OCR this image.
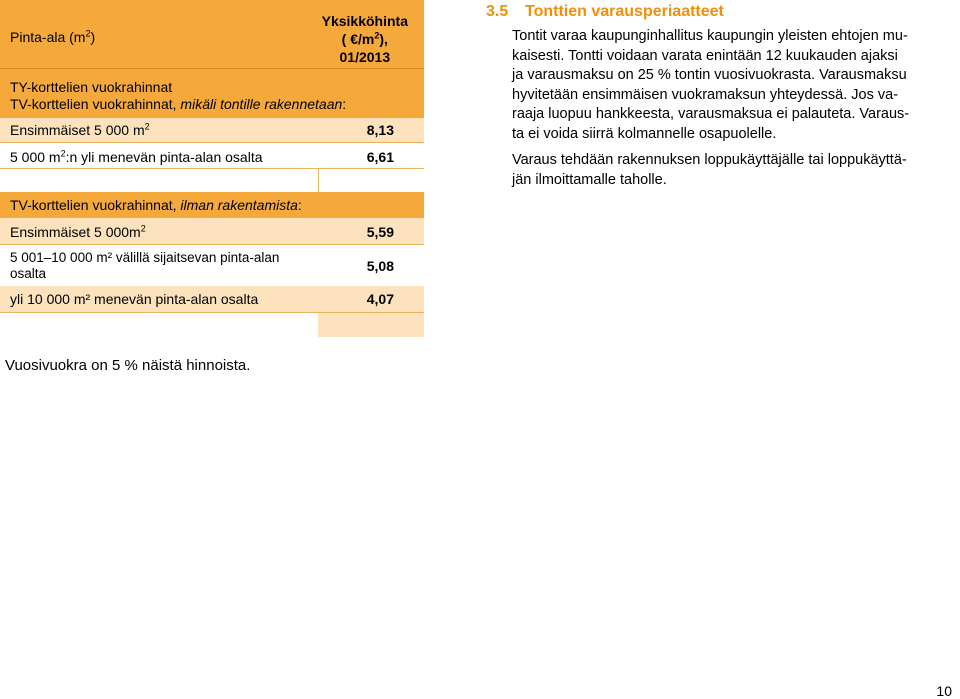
Pinta-ala $(m^2)$
Yksikköhinta
( $€/m^2$),
01/2013
TY-korttelien vuokrahinnat
TV-korttelien vuokrahinnat, mikäli tontille rakennetaan:
Ensimmäiset 5 000 $m^2$	8,13
5 000 $m^2:n$ yli menevän pinta-alan osalta	6,61
TV-korttelien vuokrahinnat, ilman rakentamista:
Ensimmäiset 5 $000m^2$	5,59
5 001–10 000 m² välillä sijaitsevan pinta-alan
osalta	5,08
yli 10 000 m² menevän pinta-alan osalta	4,07
Vuosivuokra on 5 % näistä hinnoista.
3.5 Tonttien varausperiaatteet
Tontit varaa kaupunginhallitus kaupungin yleisten ehtojen mu-
kaisesti. Tontti voidaan varata enintään 12 kuukauden ajaksi
ja varausmaksu on 25 % tontin vuosivuokrasta. Varausmaksu
hyvitetään ensimmäisen vuokramaksun yhteydessä. Jos va-
raaja luopuu hankkeesta, varausmaksua ei palauteta. Varaus-
ta ei voida siirrä kolmannelle osapuolelle.
Varaus tehdään rakennuksen loppukäyttäjälle tai loppukäyttä-
jän ilmoittamalle taholle.
10
